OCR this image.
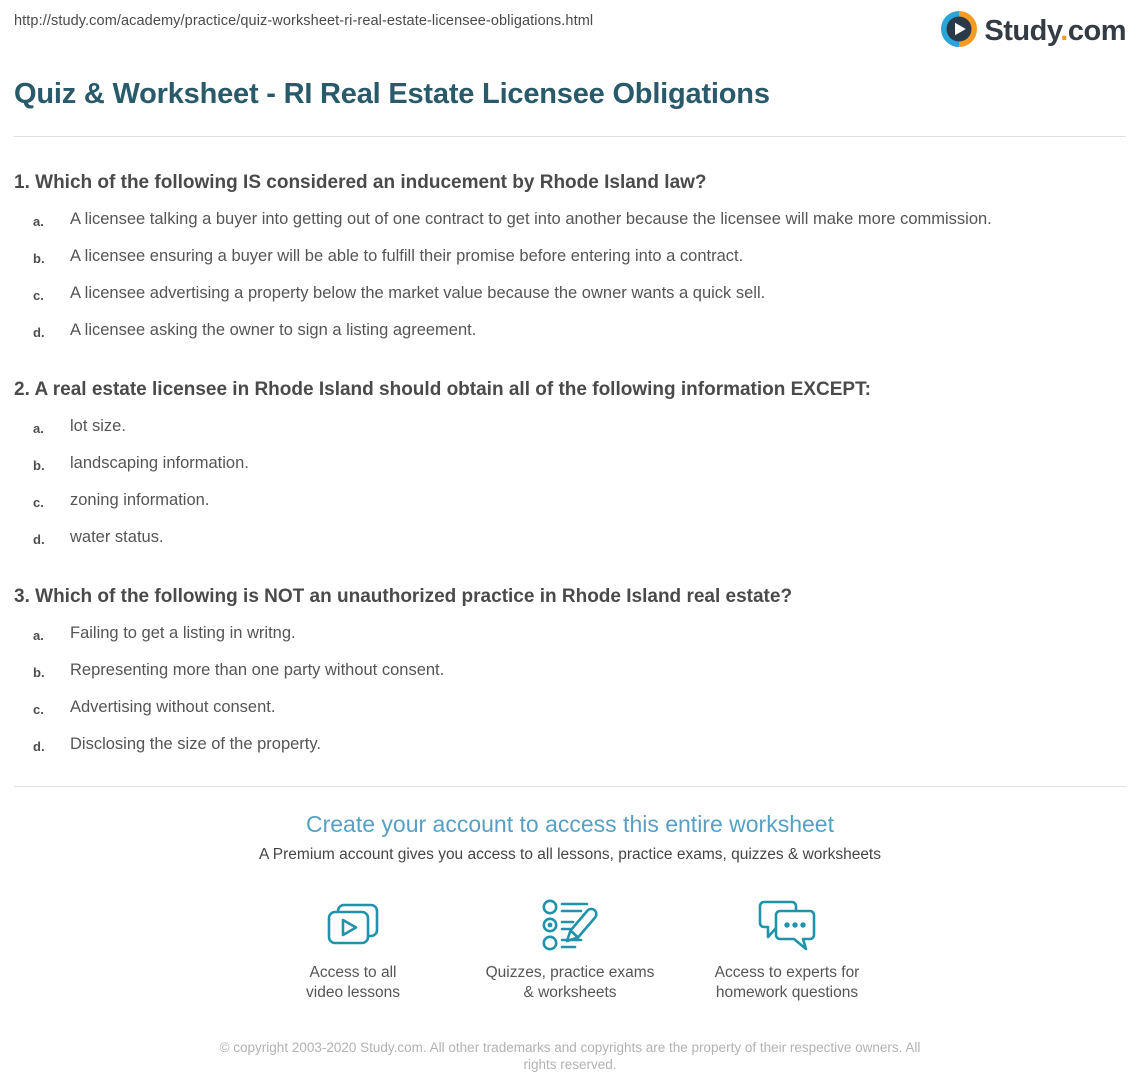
http://study.com/academy/practice/quiz-worksheet-ri-real-estate-licensee-obligations.html	Study.com
Quiz & Worksheet - RI Real Estate Licensee Obligations
1. Which of the following IS considered an inducement by Rhode Island law?
a.	A licensee talking a buyer into getting out of one contract to get into another because the licensee will make more commission.
b.	A licensee ensuring a buyer will be able to fulfill their promise before entering into a contract.
c.	A licensee advertising a property below the market value because the owner wants a quick sell.
d.	A licensee asking the owner to sign a listing agreement.
2. A real estate licensee in Rhode Island should obtain all of the following information EXCEPT:
a.	lot size.
b.	landscaping information.
c.	zoning information.
d.	water status.
3. Which of the following is NOT an unauthorized practice in Rhode Island real estate?
a.	Failing to get a listing in writng.
b.	Representing more than one party without consent.
c.	Advertising without consent.
d.	Disclosing the size of the property.
Create your account to access this entire worksheet
A Premium account gives you access to all lessons, practice exams, quizzes & worksheets
Access to all
video lessons
Quizzes, practice exams
& worksheets
Access to experts for
homework questions
© copyright 2003-2020 Study.com. All other trademarks and copyrights are the property of their respective owners. All rights reserved.
